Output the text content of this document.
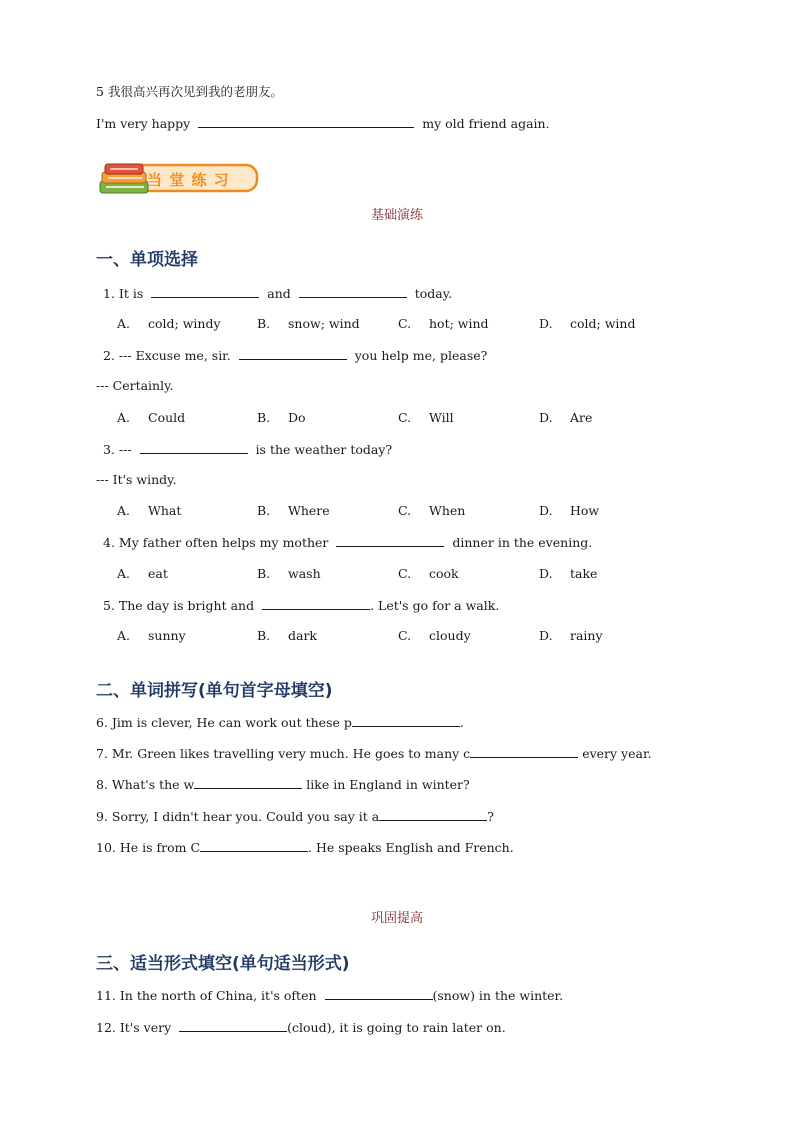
5 我很高兴再次见到我的老朋友。
I'm very happy	my old friend again.
当 堂 练 习
基础演练
一、单项选择
1. It is	and	today.
A. cold; windy	B. snow; wind	C. hot; wind	D. cold; wind
2. --- Excuse me, sir.	you help me, please?
--- Certainly.
A. Could	B. Do	C. Will	D. Are
3. ---	is the weather today?
--- It's windy.
A. What	B. Where	C. When	D. How
4. My father often helps my mother	dinner in the evening.
A. eat	B. wash	C. cook	D. take
5. The day is bright and	. Let's go for a walk.
A. sunny	B. dark	C. cloudy	D. rainy
二、单词拼写(单句首字母填空)
6. Jim is clever, He can work out these p	.
7. Mr. Green likes travelling very much. He goes to many c	every year.
8. What's the w	like in England in winter?
9. Sorry, I didn't hear you. Could you say it a	?
10. He is from C	. He speaks English and French.
巩固提高
三、适当形式填空(单句适当形式)
11. In the north of China, it's often	(snow) in the winter.
12. It's very	(cloud), it is going to rain later on.
